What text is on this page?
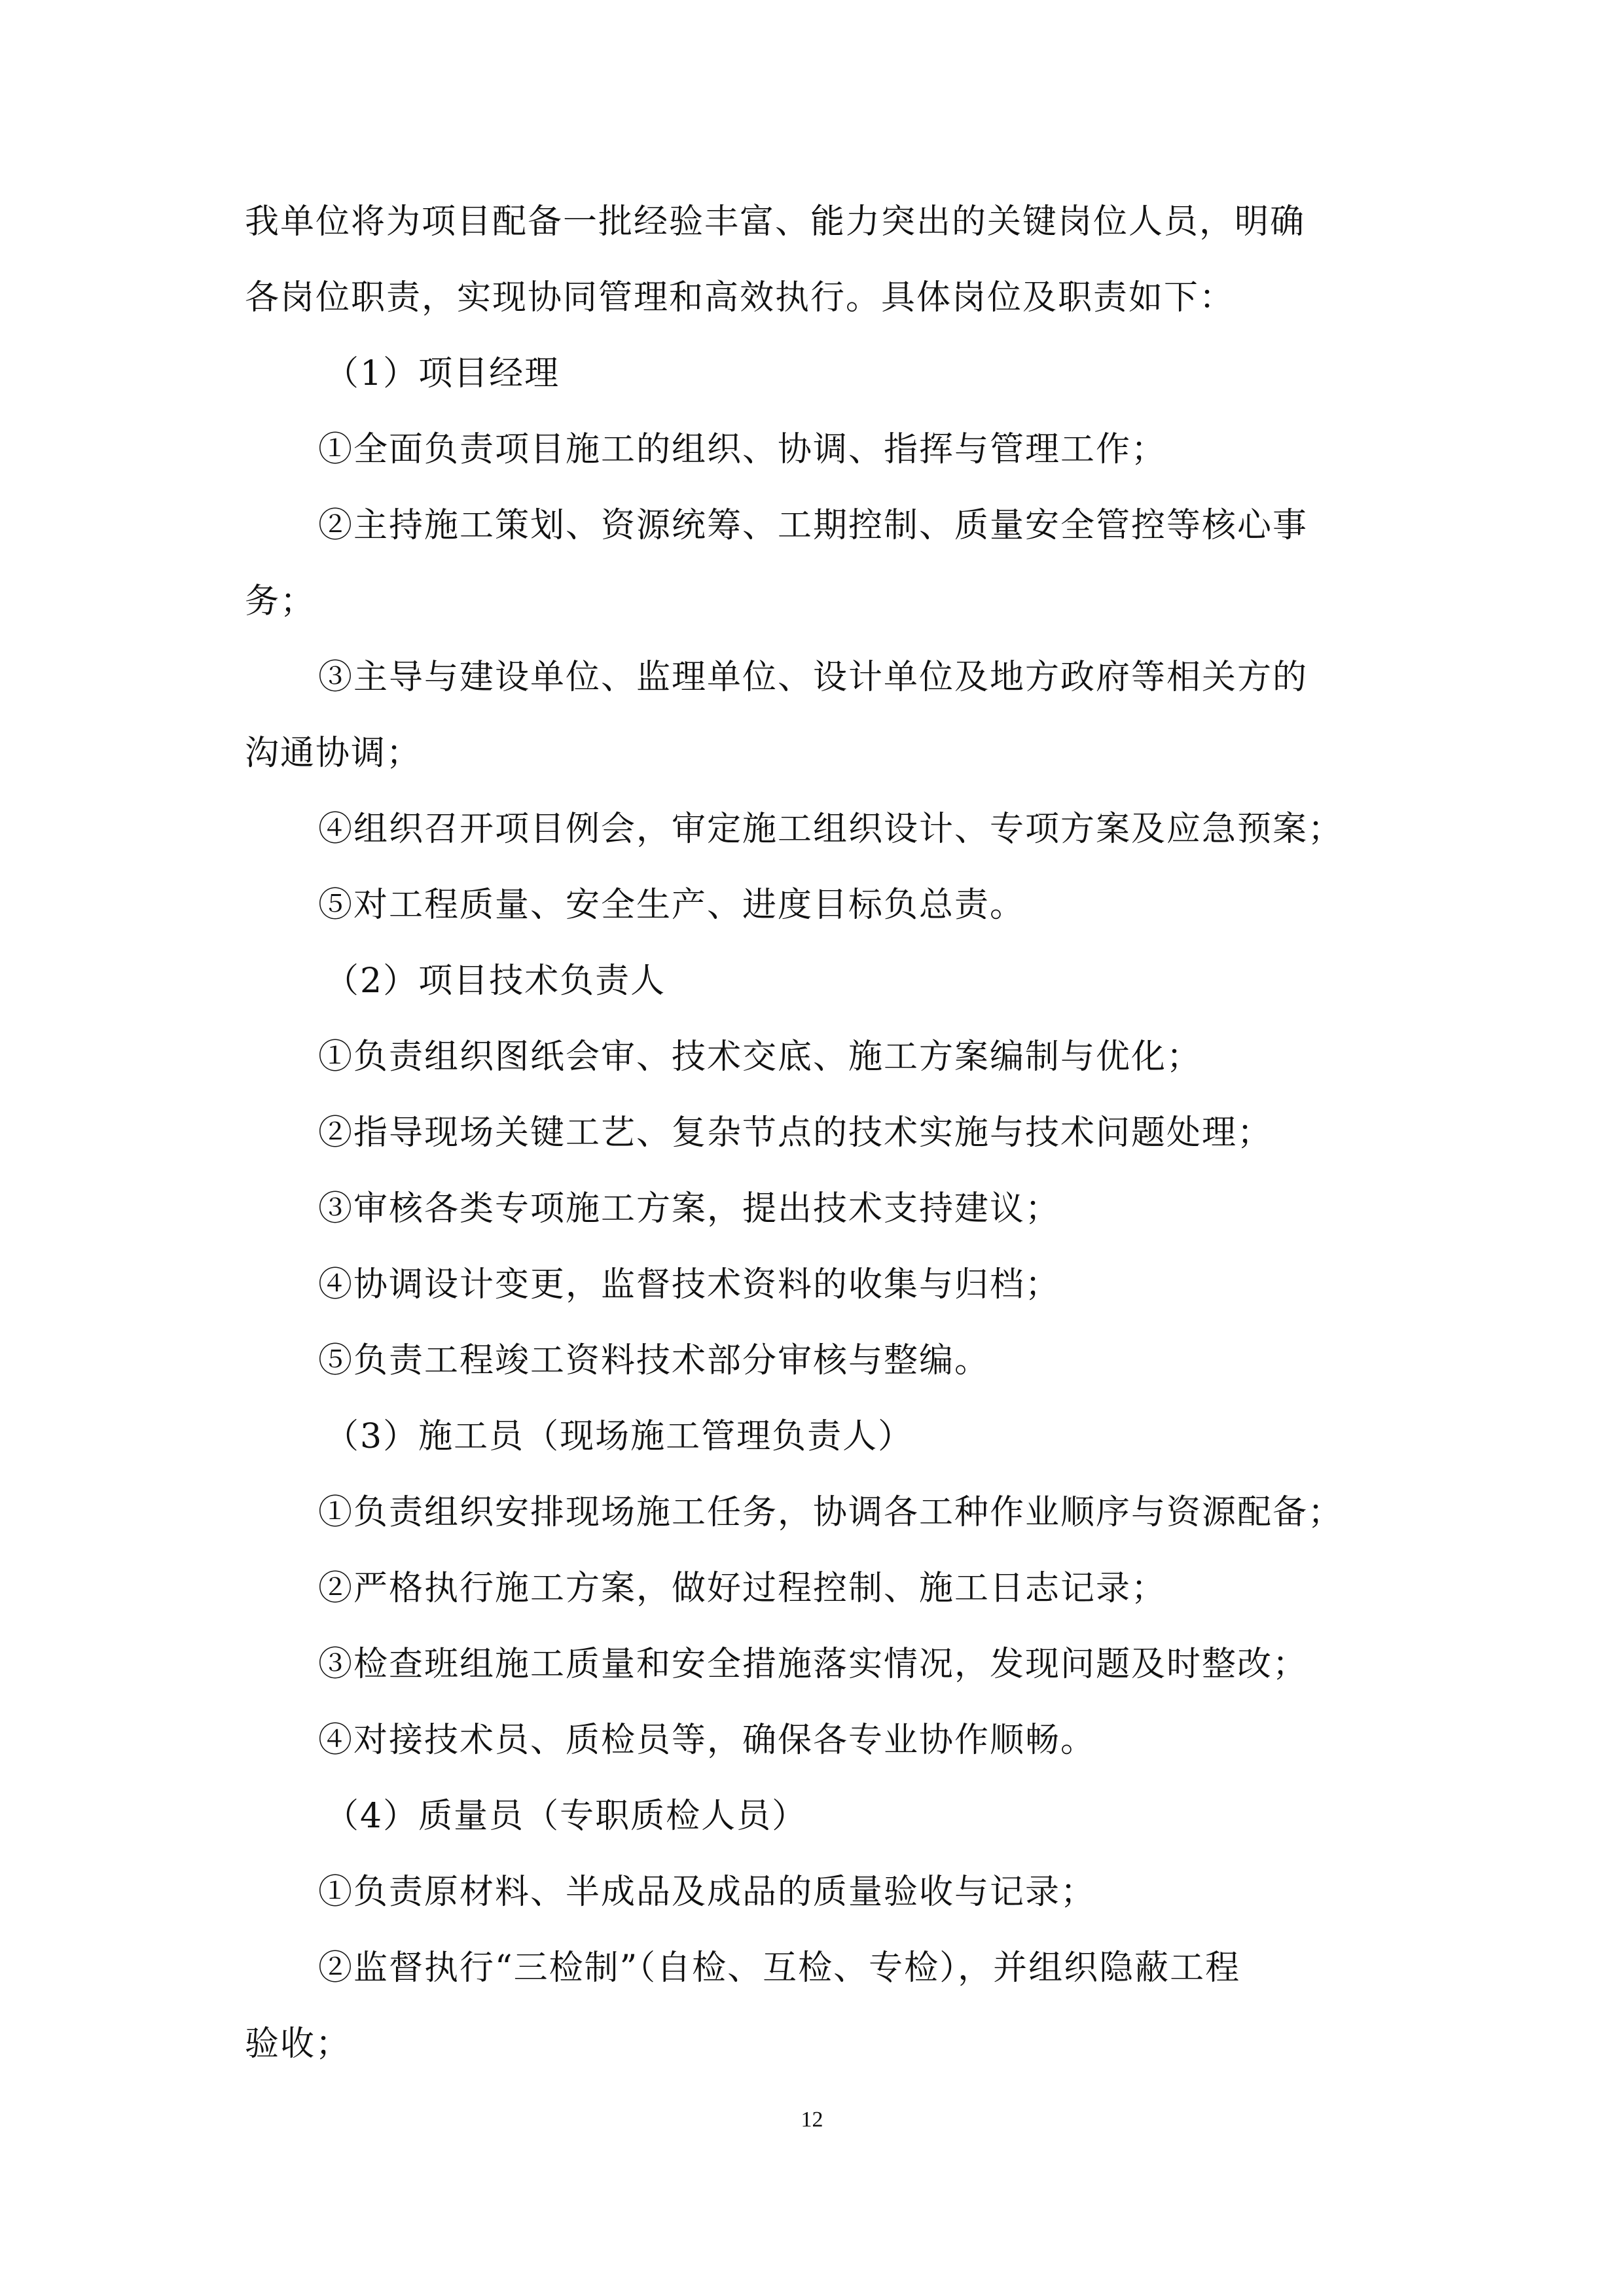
我单位将为项目配备一批经验丰富、能力突出的关键岗位人员，明确
各岗位职责，实现协同管理和高效执行。具体岗位及职责如下：
（1）项目经理
①全面负责项目施工的组织、协调、指挥与管理工作；
②主持施工策划、资源统筹、工期控制、质量安全管控等核心事
务；
③主导与建设单位、监理单位、设计单位及地方政府等相关方的
沟通协调；
④组织召开项目例会，审定施工组织设计、专项方案及应急预案；
⑤对工程质量、安全生产、进度目标负总责。
（2）项目技术负责人
①负责组织图纸会审、技术交底、施工方案编制与优化；
②指导现场关键工艺、复杂节点的技术实施与技术问题处理；
③审核各类专项施工方案，提出技术支持建议；
④协调设计变更，监督技术资料的收集与归档；
⑤负责工程竣工资料技术部分审核与整编。
（3）施工员（现场施工管理负责人）
①负责组织安排现场施工任务，协调各工种作业顺序与资源配备；
②严格执行施工方案，做好过程控制、施工日志记录；
③检查班组施工质量和安全措施落实情况，发现问题及时整改；
④对接技术员、质检员等，确保各专业协作顺畅。
（4）质量员（专职质检人员）
①负责原材料、半成品及成品的质量验收与记录；
②监督执行“三检制”（自检、互检、专检），并组织隐蔽工程
验收；
12
